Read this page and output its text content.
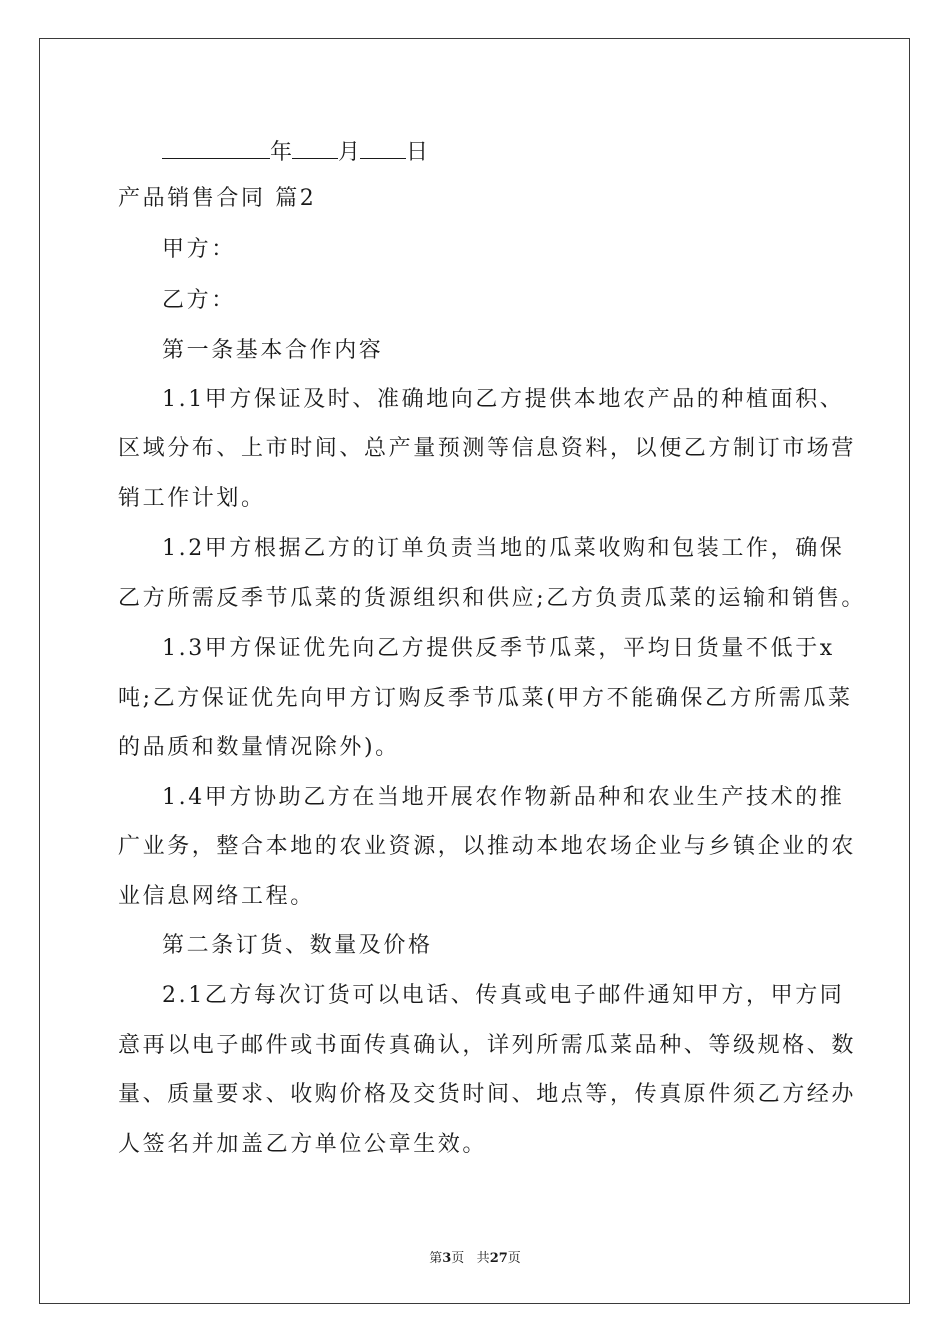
年 月 日
产品销售合同 篇2
甲方：
乙方：
第一条基本合作内容
1.1甲方保证及时、准确地向乙方提供本地农产品的种植面积、
区域分布、上市时间、总产量预测等信息资料，以便乙方制订市场营
销工作计划。
1.2甲方根据乙方的订单负责当地的瓜菜收购和包装工作，确保
乙方所需反季节瓜菜的货源组织和供应;乙方负责瓜菜的运输和销售。
1.3甲方保证优先向乙方提供反季节瓜菜，平均日货量不低于x
吨;乙方保证优先向甲方订购反季节瓜菜(甲方不能确保乙方所需瓜菜
的品质和数量情况除外)。
1.4甲方协助乙方在当地开展农作物新品种和农业生产技术的推
广业务，整合本地的农业资源，以推动本地农场企业与乡镇企业的农
业信息网络工程。
第二条订货、数量及价格
2.1乙方每次订货可以电话、传真或电子邮件通知甲方，甲方同
意再以电子邮件或书面传真确认，详列所需瓜菜品种、等级规格、数
量、质量要求、收购价格及交货时间、地点等，传真原件须乙方经办
人签名并加盖乙方单位公章生效。
第3页 共27页
